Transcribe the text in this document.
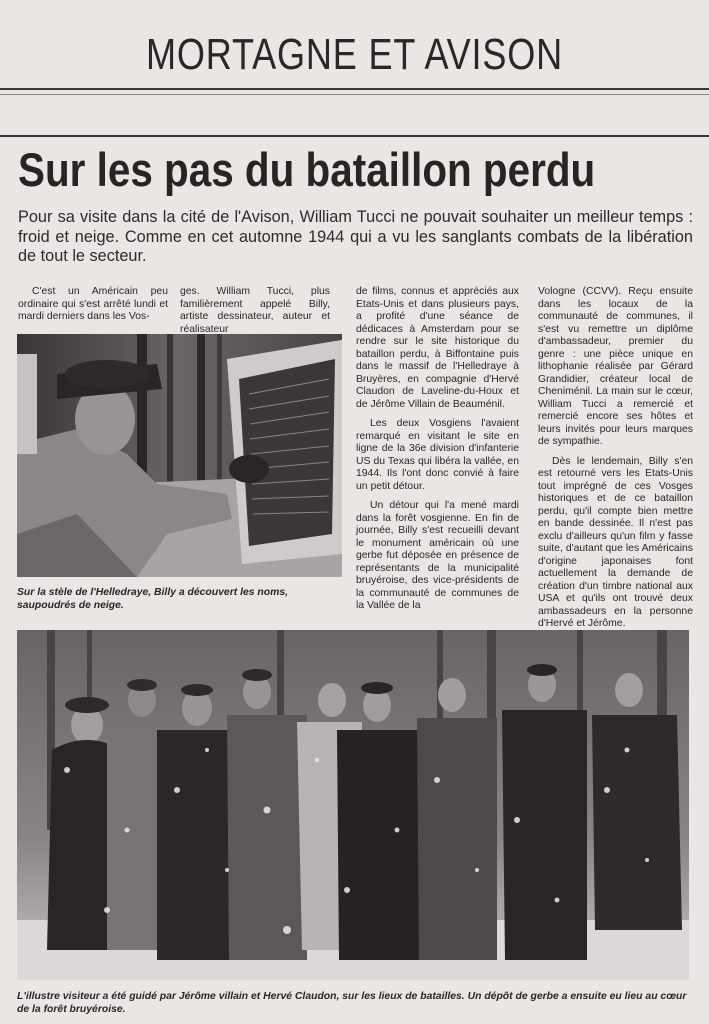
MORTAGNE ET AVISON
Sur les pas du bataillon perdu
Pour sa visite dans la cité de l'Avison, William Tucci ne pouvait souhaiter un meilleur temps : froid et neige. Comme en cet automne 1944 qui a vu les sanglants combats de la libération de tout le secteur.

C'est un Américain peu ordinaire qui s'est arrêté lundi et mardi derniers dans les Vos-

ges. William Tucci, plus familièrement appelé Billy, artiste dessinateur, auteur et réalisateur

Sur la stèle de l'Helledraye, Billy a découvert les noms, saupoudrés de neige.

de films, connus et appréciés aux Etats-Unis et dans plusieurs pays, a profité d'une séance de dédicaces à Amsterdam pour se rendre sur le site historique du bataillon perdu, à Biffontaine puis dans le massif de l'Helledraye à Bruyères, en compagnie d'Hervé Claudon de Laveline-du-Houx et de Jérôme Villain de Beauménil.

Les deux Vosgiens l'avaient remarqué en visitant le site en ligne de la 36e division d'infanterie US du Texas qui libéra la vallée, en 1944. Ils l'ont donc convié à faire un petit détour.

Un détour qui l'a mené mardi dans la forêt vosgienne. En fin de journée, Billy s'est recueilli devant le monument américain où une gerbe fut déposée en présence de représentants de la municipalité bruyéroise, des vice-présidents de la communauté de communes de la Vallée de la

Vologne (CCVV). Reçu ensuite dans les locaux de la communauté de communes, il s'est vu remettre un diplôme d'ambassadeur, premier du genre : une pièce unique en lithophanie réalisée par Gérard Grandidier, créateur local de Cheniménil. La main sur le cœur, William Tucci a remercié et remercié encore ses hôtes et leurs invités pour leurs marques de sympathie.

Dès le lendemain, Billy s'en est retourné vers les Etats-Unis tout imprégné de ces Vosges historiques et de ce bataillon perdu, qu'il compte bien mettre en bande dessinée. Il n'est pas exclu d'ailleurs qu'un film y fasse suite, d'autant que les Américains d'origine japonaises font actuellement la demande de création d'un timbre national aux USA et qu'ils ont trouvé deux ambassadeurs en la personne d'Hervé et Jérôme.

L'illustre visiteur a été guidé par Jérôme villain et Hervé Claudon, sur les lieux de batailles. Un dépôt de gerbe a ensuite eu lieu au cœur de la forêt bruyéroise.
